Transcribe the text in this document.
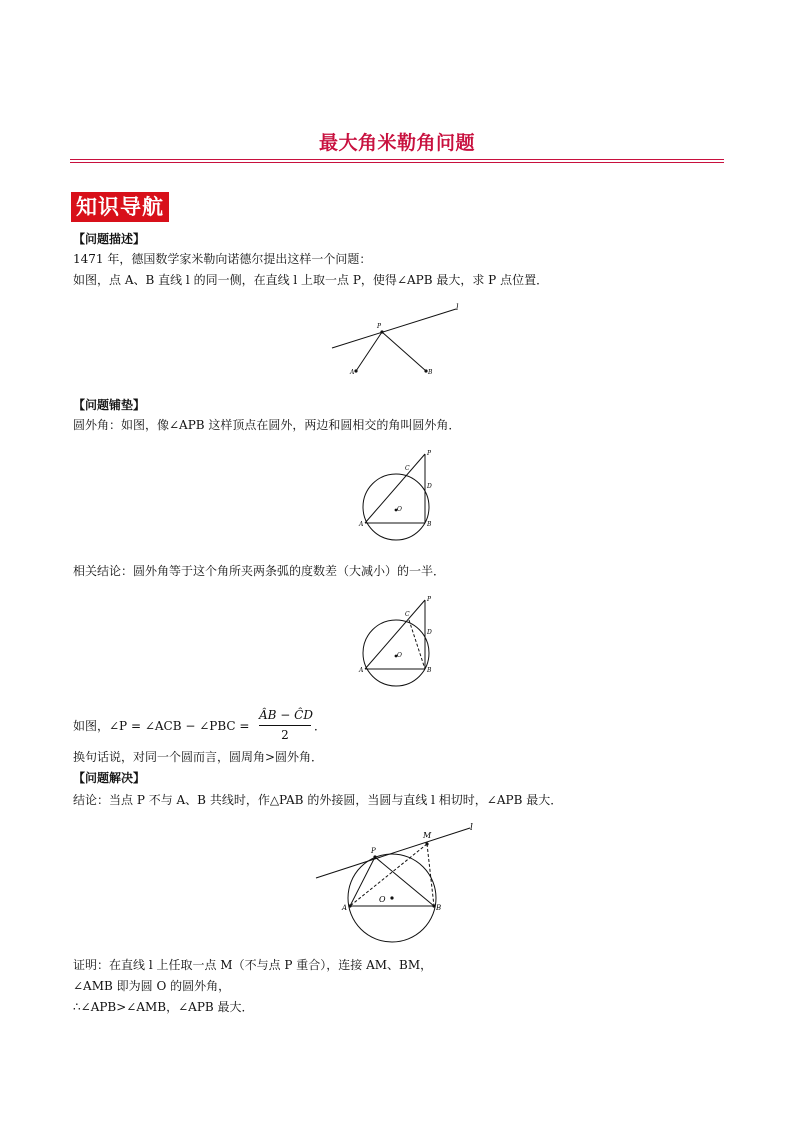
最大角米勒角问题
知识导航
【问题描述】
1471 年，德国数学家米勒向诺德尔提出这样一个问题：
如图，点 A、B 直线 l 的同一侧，在直线 l 上取一点 P，使得∠APB 最大，求 P 点位置．
l
P
A	B
【问题铺垫】
圆外角：如图，像∠APB 这样顶点在圆外，两边和圆相交的角叫圆外角．
P
C
D
O
A	B
相关结论：圆外角等于这个角所夹两条弧的度数差（大减小）的一半．
P
C
D
O
A	B
如图，∠P = ∠ACB − ∠PBC =
ÂB − ĈD
2
．
换句话说，对同一个圆而言，圆周角>圆外角．
【问题解决】
结论：当点 P 不与 A、B 共线时，作△PAB 的外接圆，当圆与直线 l 相切时，∠APB 最大．
l
M
P
O
A	B
证明：在直线 l 上任取一点 M（不与点 P 重合），连接 AM、BM，
∠AMB 即为圆 O 的圆外角，
∴∠APB>∠AMB，∠APB 最大．
